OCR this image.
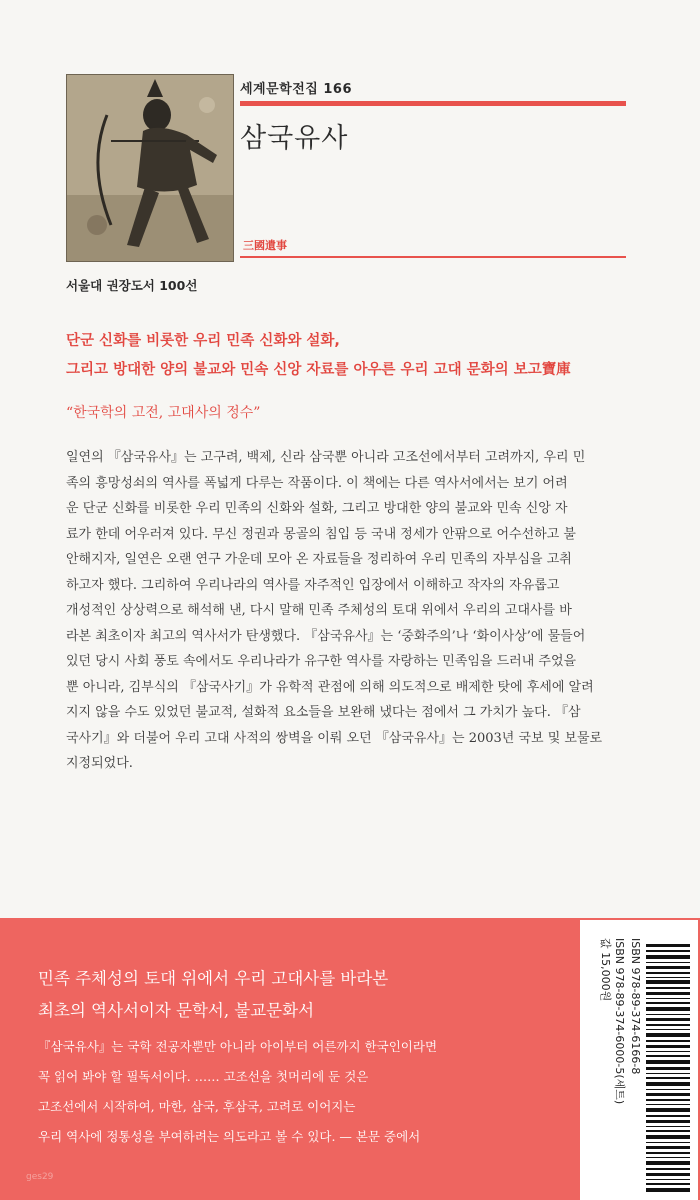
세계문학전집 166
삼국유사
三國遺事
서울대 권장도서 100선
단군 신화를 비롯한 우리 민족 신화와 설화,
그리고 방대한 양의 불교와 민속 신앙 자료를 아우른 우리 고대 문화의 보고寶庫
“한국학의 고전, 고대사의 정수”
일연의 『삼국유사』는 고구려, 백제, 신라 삼국뿐 아니라 고조선에서부터 고려까지, 우리 민
족의 흥망성쇠의 역사를 폭넓게 다루는 작품이다. 이 책에는 다른 역사서에서는 보기 어려
운 단군 신화를 비롯한 우리 민족의 신화와 설화, 그리고 방대한 양의 불교와 민속 신앙 자
료가 한데 어우러져 있다. 무신 정권과 몽골의 침입 등 국내 정세가 안팎으로 어수선하고 불
안해지자, 일연은 오랜 연구 가운데 모아 온 자료들을 정리하여 우리 민족의 자부심을 고취
하고자 했다. 그리하여 우리나라의 역사를 자주적인 입장에서 이해하고 작자의 자유롭고
개성적인 상상력으로 해석해 낸, 다시 말해 민족 주체성의 토대 위에서 우리의 고대사를 바
라본 최초이자 최고의 역사서가 탄생했다. 『삼국유사』는 ‘중화주의’나 ‘화이사상’에 물들어
있던 당시 사회 풍토 속에서도 우리나라가 유구한 역사를 자랑하는 민족임을 드러내 주었을
뿐 아니라, 김부식의 『삼국사기』가 유학적 관점에 의해 의도적으로 배제한 탓에 후세에 알려
지지 않을 수도 있었던 불교적, 설화적 요소들을 보완해 냈다는 점에서 그 가치가 높다. 『삼
국사기』와 더불어 우리 고대 사적의 쌍벽을 이뤄 오던 『삼국유사』는 2003년 국보 및 보물로
지정되었다.
민족 주체성의 토대 위에서 우리 고대사를 바라본
최초의 역사서이자 문학서, 불교문화서
『삼국유사』는 국학 전공자뿐만 아니라 아이부터 어른까지 한국인이라면
꼭 읽어 봐야 할 필독서이다. …… 고조선을 첫머리에 둔 것은
고조선에서 시작하여, 마한, 삼국, 후삼국, 고려로 이어지는
우리 역사에 정통성을 부여하려는 의도라고 볼 수 있다. — 본문 중에서
ges29
ISBN 978-89-374-6166-8
ISBN 978-89-374-6000-5(세트)
값 15,000원
